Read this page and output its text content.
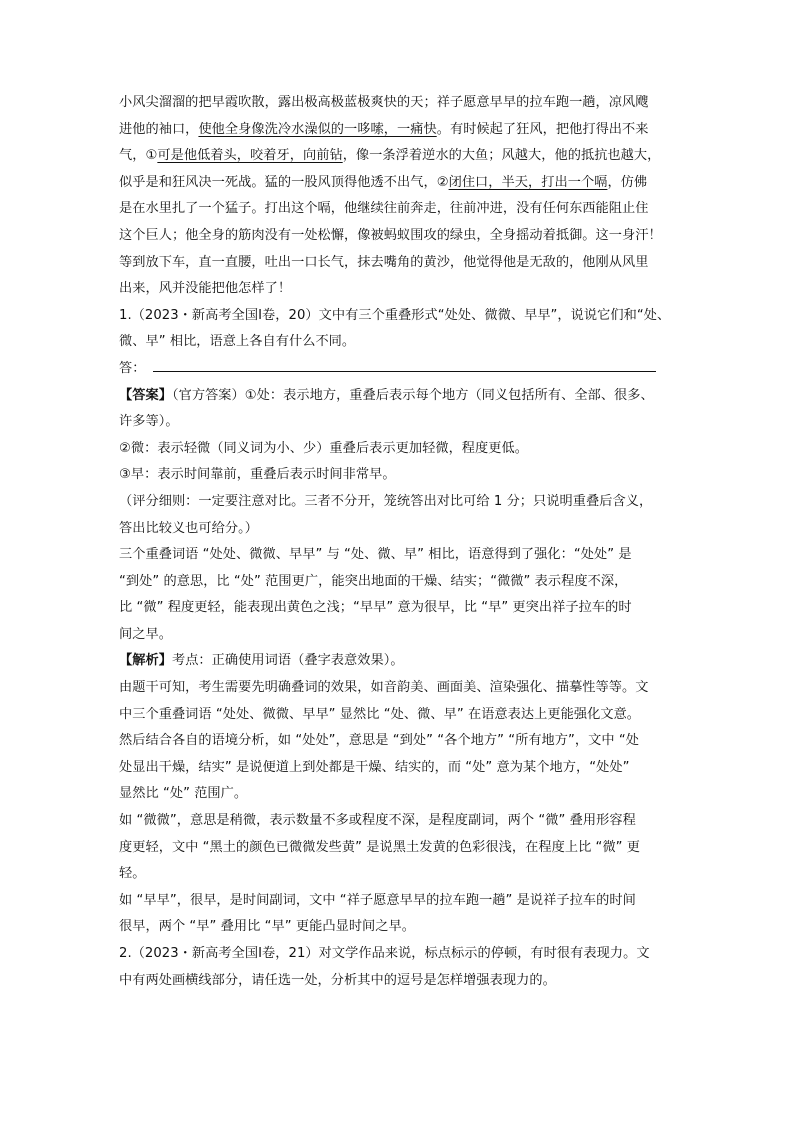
小风尖溜溜的把早霞吹散，露出极高极蓝极爽快的天；祥子愿意早早的拉车跑一趟，凉风飕
进他的袖口，使他全身像洗冷水澡似的一哆嗦，一痛快。有时候起了狂风，把他打得出不来
气，①可是他低着头，咬着牙，向前钻，像一条浮着逆水的大鱼；风越大，他的抵抗也越大，
似乎是和狂风决一死战。猛的一股风顶得他透不出气，②闭住口，半天，打出一个嗝，仿佛
是在水里扎了一个猛子。打出这个嗝，他继续往前奔走，往前冲进，没有任何东西能阻止住
这个巨人；他全身的筋肉没有一处松懈，像被蚂蚁围攻的绿虫，全身摇动着抵御。这一身汗！
等到放下车，直一直腰，吐出一口长气，抹去嘴角的黄沙，他觉得他是无敌的，他刚从风里
出来，风并没能把他怎样了！
1.（2023・新高考全国Ⅰ卷，20）文中有三个重叠形式“处处、微微、早早”，说说它们和“处、
微、早” 相比，语意上各自有什么不同。
答：
【答案】（官方答案）①处：表示地方，重叠后表示每个地方（同义包括所有、全部、很多、
许多等）。
②微：表示轻微（同义词为小、少）重叠后表示更加轻微，程度更低。
③早：表示时间靠前，重叠后表示时间非常早。
（评分细则：一定要注意对比。三者不分开，笼统答出对比可给 1 分；只说明重叠后含义，
答出比较义也可给分。）
三个重叠词语 “处处、微微、早早” 与 “处、微、早” 相比，语意得到了强化：“处处” 是
“到处” 的意思，比 “处” 范围更广，能突出地面的干燥、结实；“微微” 表示程度不深，
比 “微” 程度更轻，能表现出黄色之浅；“早早” 意为很早，比 “早” 更突出祥子拉车的时
间之早。
【解析】考点：正确使用词语（叠字表意效果）。
由题干可知，考生需要先明确叠词的效果，如音韵美、画面美、渲染强化、描摹性等等。文
中三个重叠词语 “处处、微微、早早” 显然比 “处、微、早” 在语意表达上更能强化文意。
然后结合各自的语境分析，如 “处处”，意思是 “到处” “各个地方” “所有地方”，文中 “处
处显出干燥，结实” 是说便道上到处都是干燥、结实的，而 “处” 意为某个地方，“处处”
显然比 “处” 范围广。
如 “微微”，意思是稍微，表示数量不多或程度不深，是程度副词，两个 “微” 叠用形容程
度更轻，文中 “黑土的颜色已微微发些黄” 是说黑土发黄的色彩很浅，在程度上比 “微” 更
轻。
如 “早早”，很早，是时间副词，文中 “祥子愿意早早的拉车跑一趟” 是说祥子拉车的时间
很早，两个 “早” 叠用比 “早” 更能凸显时间之早。
2.（2023・新高考全国Ⅰ卷，21）对文学作品来说，标点标示的停顿，有时很有表现力。文
中有两处画横线部分，请任选一处，分析其中的逗号是怎样增强表现力的。
